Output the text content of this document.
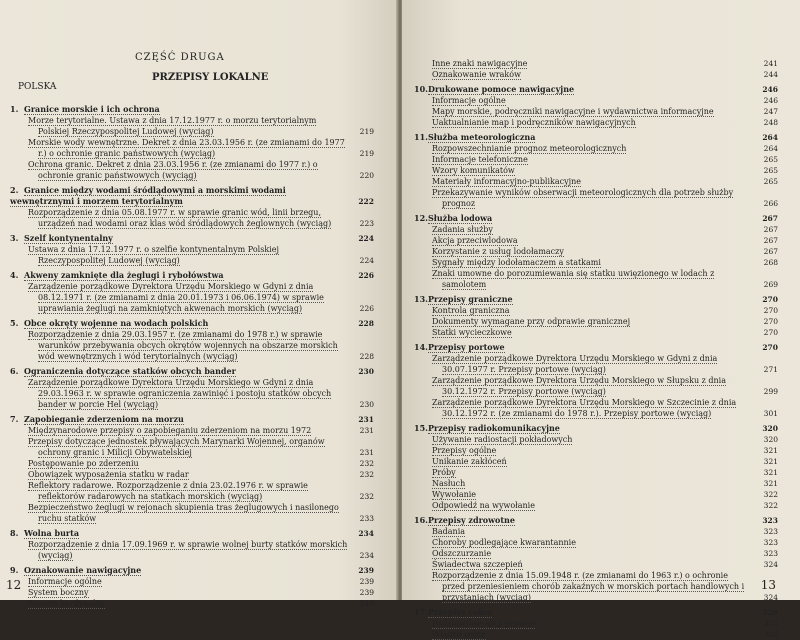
CZĘŚĆ DRUGA
PRZEPISY LOKALNE
POLSKA
1. Granice morskie i ich ochrona
Morze terytorialne. Ustawa z dnia 17.12.1977 r. o morzu terytorialnym Polskiej Rzeczypospolitej Ludowej (wyciąg)	219
Morskie wody wewnętrzne. Dekret z dnia 23.03.1956 r. (ze zmianami do 1977 r.) o ochronie granic państwowych (wyciąg)	219
Ochrona granic. Dekret z dnia 23.03.1956 r. (ze zmianami do 1977 r.) o ochronie granic państwowych (wyciąg)	220
2. Granice między wodami śródlądowymi a morskimi wodami wewnętrznymi i morzem terytorialnym	222
Rozporządzenie z dnia 05.08.1977 r. w sprawie granic wód, linii brzegu, urządzeń nad wodami oraz klas wód śródlądowych żeglownych (wyciąg)	223
3. Szelf kontynentalny	224
Ustawa z dnia 17.12.1977 r. o szelfie kontynentalnym Polskiej Rzeczypospolitej Ludowej (wyciąg)	224
4. Akweny zamknięte dla żeglugi i rybołówstwa	226
Zarządzenie porządkowe Dyrektora Urzędu Morskiego w Gdyni z dnia 08.12.1971 r. (ze zmianami z dnia 20.01.1973 i 06.06.1974) w sprawie uprawiania żeglugi na zamkniętych akwenach morskich (wyciąg)	226
5. Obce okręty wojenne na wodach polskich	228
Rozporządzenie z dnia 29.03.1957 r. (ze zmianami do 1978 r.) w sprawie warunków przebywania obcych okrętów wojennych na obszarze morskich wód wewnętrznych i wód terytorialnych (wyciąg)	228
6. Ograniczenia dotyczące statków obcych bander	230
Zarządzenie porządkowe Dyrektora Urzędu Morskiego w Gdyni z dnia 29.03.1963 r. w sprawie ograniczenia zawinięć i postoju statków obcych bander w porcie Hel (wyciąg)	230
7. Zapobieganie zderzeniom na morzu	231
Międzynarodowe przepisy o zapobieganiu zderzeniom na morzu 1972	231
Przepisy dotyczące jednostek pływających Marynarki Wojennej, organów ochrony granic i Milicji Obywatelskiej	231
Postępowanie po zderzeniu	232
Obowiązek wyposażenia statku w radar	232
Reflektory radarowe. Rozporządzenie z dnia 23.02.1976 r. w sprawie reflektorów radarowych na statkach morskich (wyciąg)	232
Bezpieczeństwo żeglugi w rejonach skupienia tras żeglugowych i nasilonego ruchu statków	233
8. Wolna burta	234
Rozporządzenie z dnia 17.09.1969 r. w sprawie wolnej burty statków morskich (wyciąg)	234
9. Oznakowanie nawigacyjne	239
Informacje ogólne	239
System boczny	239
System kardynalny	240
12
Inne znaki nawigacyjne	241
Oznakowanie wraków	244
10.Drukowane pomoce nawigacyjne	246
Informacje ogólne	246
Mapy morskie, podręczniki nawigacyjne i wydawnictwa informacyjne	247
Uaktualnianie map i podręczników nawigacyjnych	248
11.Służba meteorologiczna	264
Rozpowszechnianie prognoz meteorologicznych	264
Informacje telefoniczne	265
Wzory komunikatów	265
Materiały informacyjno-publikacyjne	265
Przekazywanie wyników obserwacji meteorologicznych dla potrzeb służby prognoz	266
12.Służba lodowa	267
Zadania służby	267
Akcja przeciwlodowa	267
Korzystanie z usług lodołamaczy	267
Sygnały między lodołamaczem a statkami	268
Znaki umowne do porozumiewania się statku uwięzionego w lodach z samolotem	269
13.Przepisy graniczne	270
Kontrola graniczna	270
Dokumenty wymagane przy odprawie granicznej	270
Statki wycieczkowe	270
14.Przepisy portowe	270
Zarządzenie porządkowe Dyrektora Urzędu Morskiego w Gdyni z dnia 30.07.1977 r. Przepisy portowe (wyciąg)	271
Zarządzenie porządkowe Dyrektora Urzędu Morskiego w Słupsku z dnia 30.12.1972 r. Przepisy portowe (wyciąg)	299
Zarządzenie porządkowe Dyrektora Urzędu Morskiego w Szczecinie z dnia 30.12.1972 r. (ze zmianami do 1978 r.). Przepisy portowe (wyciąg)	301
15.Przepisy radiokomunikacyjne	320
Używanie radiostacji pokładowych	320
Przepisy ogólne	321
Unikanie zakłóceń	321
Próby	321
Nasłuch	321
Wywołanie	322
Odpowiedź na wywołanie	322
16.Przepisy zdrowotne	323
Badania	323
Choroby podlegające kwarantannie	323
Odszczurzanie	323
Świadectwa szczepień	324
Rozporządzenie z dnia 15.09.1948 r. (ze zmianami do 1963 r.) o ochronie przed przeniesieniem chorób zakaźnych w morskich portach handlowych i przystaniach (wyciąg)	324
17.Przepisy celne	326
Podstawowe akty prawne	326
Władze celne	326
13
